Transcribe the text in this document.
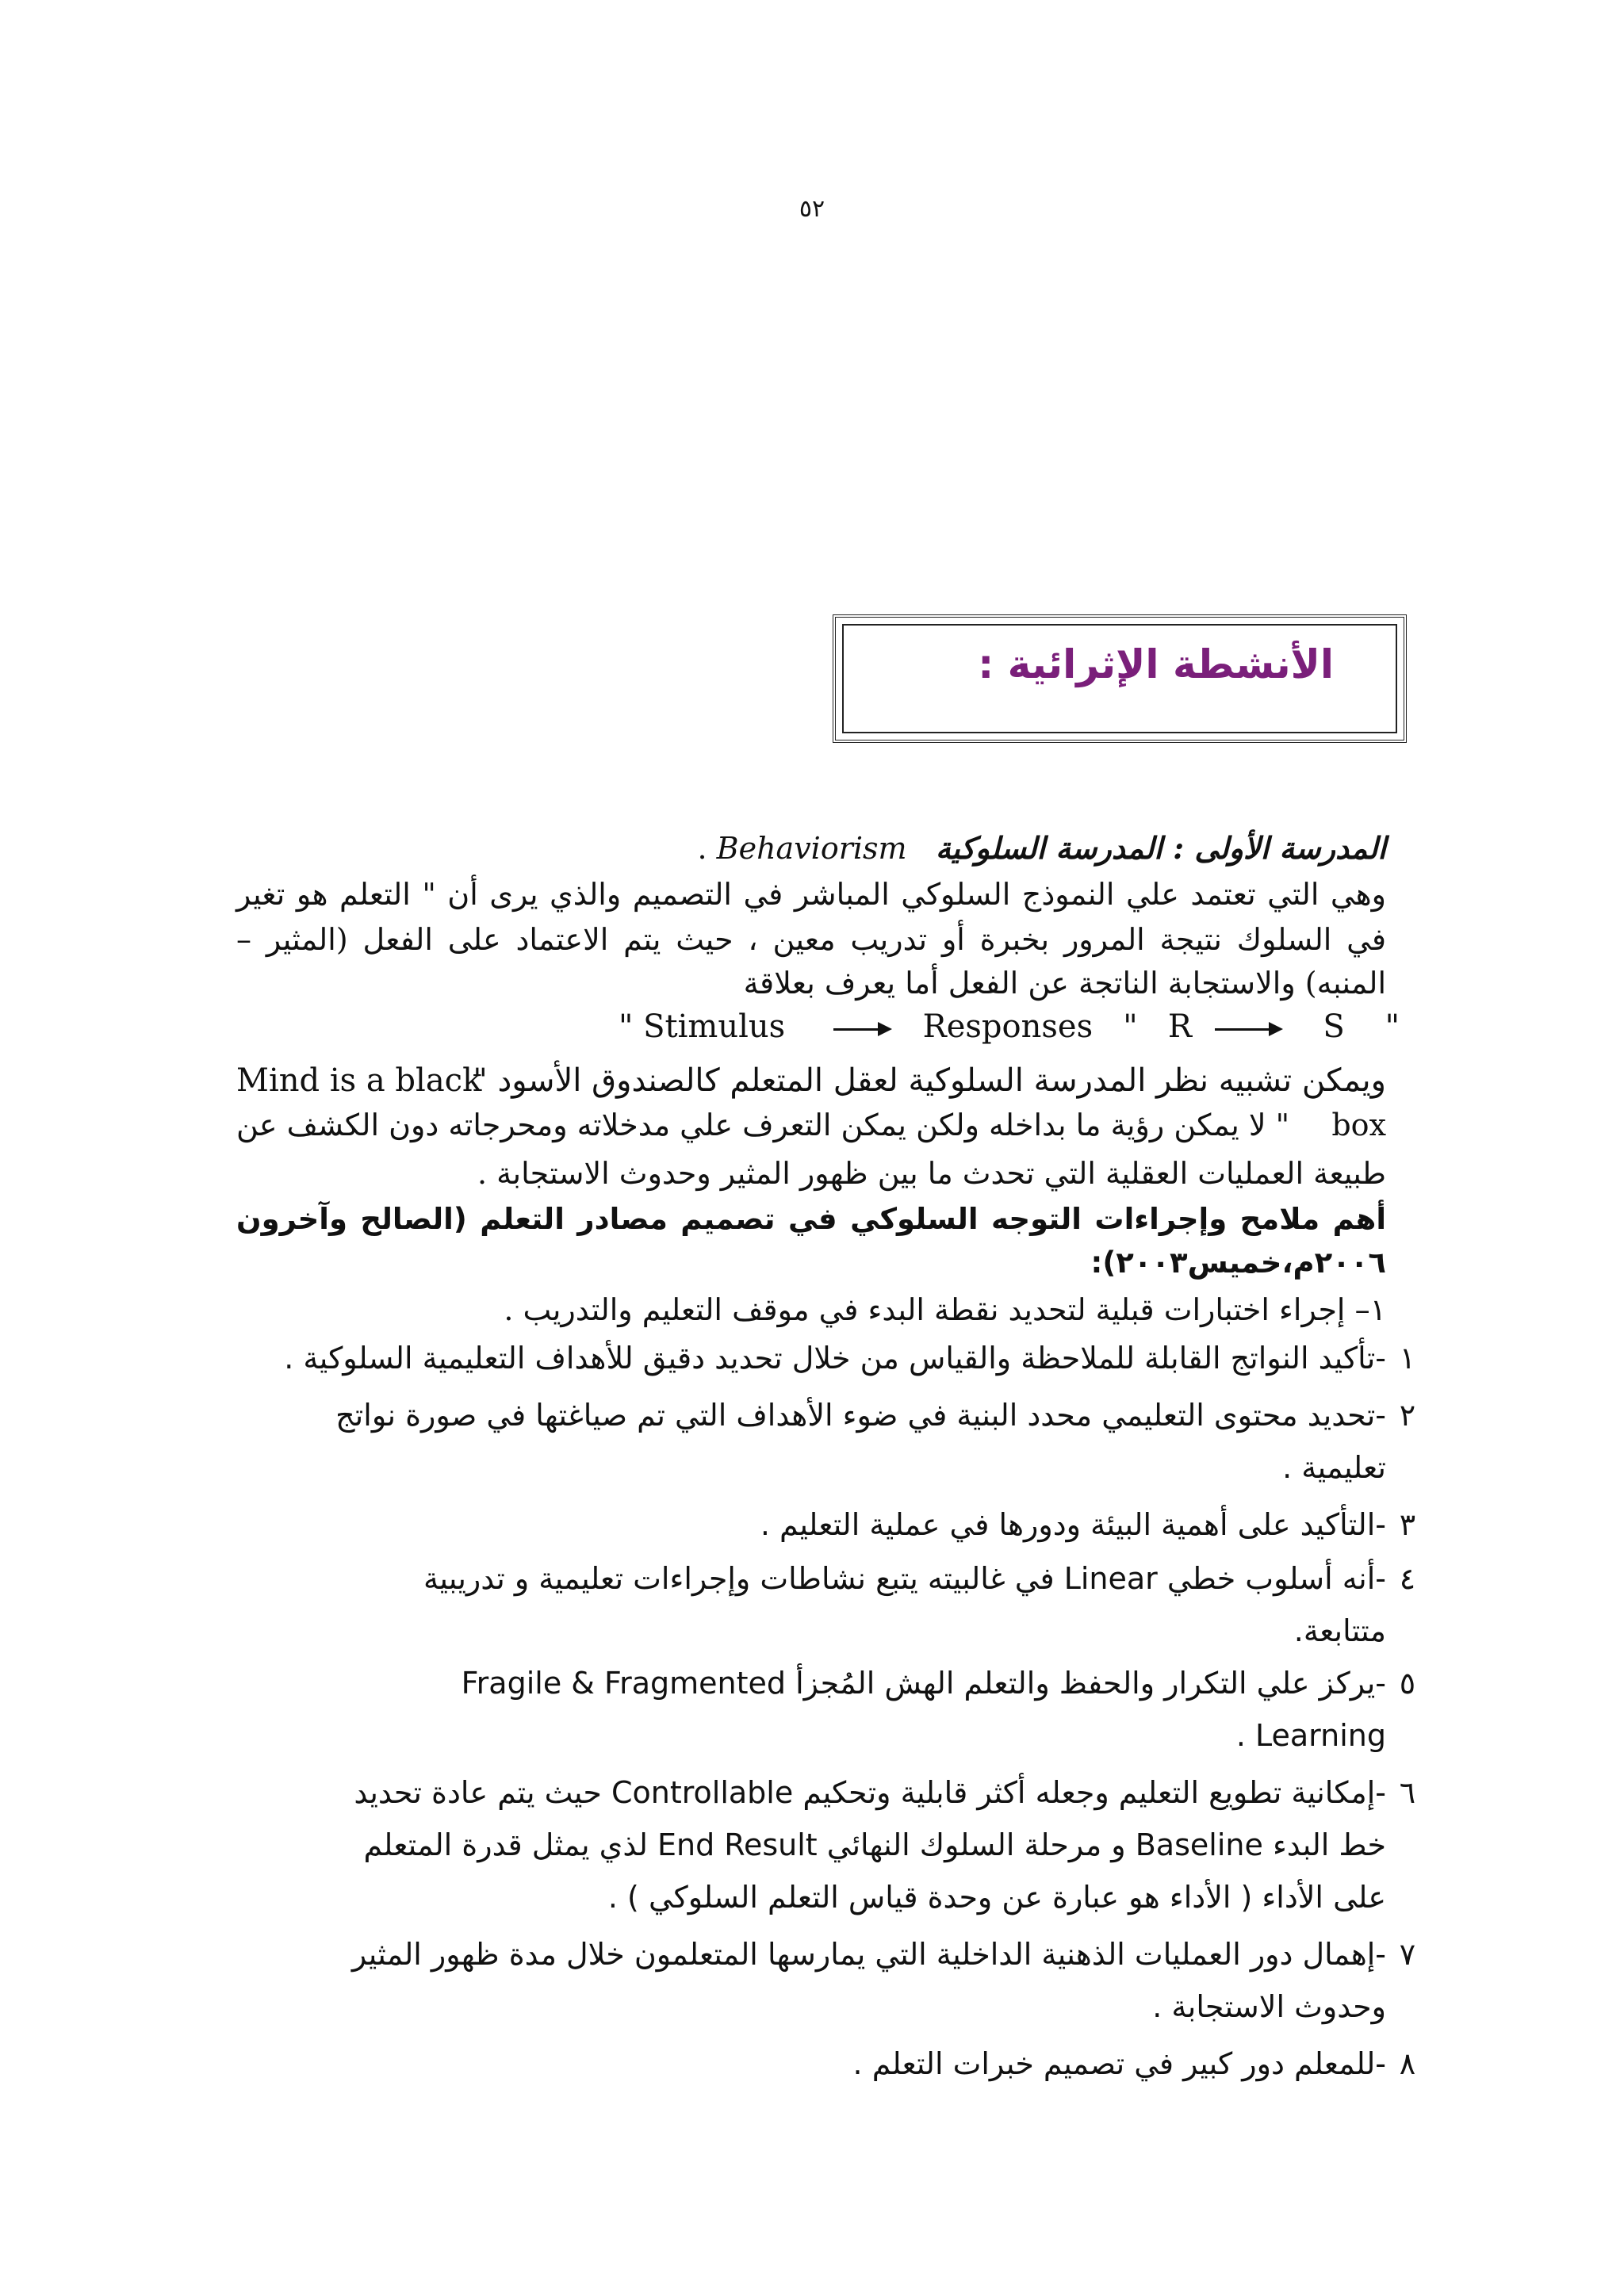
٥٢
الأنشطة الإثرائية :
المدرسة الأولى : المدرسة السلوكية   Behaviorism .
وهي التي تعتمد علي النموذج السلوكي المباشر في التصميم والذي يرى أن " التعلم هو تغير
في السلوك نتيجة المرور بخبرة أو تدريب معين ، حيث يتم الاعتماد على الفعل (المثير –
المنبه) والاستجابة الناتجة عن الفعل أما يعرف بعلاقة
" Stimulus	Responses " R	S "
Mind is a black
ويمكن تشبيه نظر المدرسة السلوكية لعقل المتعلم كالصندوق الأسود "
" لا يمكن رؤية ما بداخله ولكن يمكن التعرف علي مدخلاته ومحرجاته دون الكشف عن box
طبيعة العمليات العقلية التي تحدث ما بين ظهور المثير وحدوث الاستجابة .
أهم ملامح وإجراءات التوجه السلوكي في تصميم مصادر التعلم (الصالح وآخرون
٢٠٠٦م،خميس٢٠٠٣):
١– إجراء اختبارات قبلية لتحديد نقطة البدء في موقف التعليم والتدريب .
١
-تأكيد النواتج القابلة للملاحظة والقياس من خلال تحديد دقيق للأهداف التعليمية السلوكية .
٢
-تحديد محتوى التعليمي محدد البنية في ضوء الأهداف التي تم صياغتها في صورة نواتج
تعليمية .
٣
-التأكيد على أهمية البيئة ودورها في عملية التعليم .
٤
-أنه أسلوب خطي Linear في غالبيته يتبع نشاطات وإجراءات تعليمية و تدريبية
متتابعة.
٥
-يركز علي التكرار والحفظ والتعلم الهش المُجزأ Fragile & Fragmented
Learning .
٦
-إمكانية تطويع التعليم وجعله أكثر قابلية وتحكيم Controllable حيث يتم عادة تحديد
خط البدء Baseline و مرحلة السلوك النهائي End Result لذي يمثل قدرة المتعلم
على الأداء ( الأداء هو عبارة عن وحدة قياس التعلم السلوكي ) .
٧
-إهمال دور العمليات الذهنية الداخلية التي يمارسها المتعلمون خلال مدة ظهور المثير
وحدوث الاستجابة .
٨
-للمعلم دور كبير في تصميم خبرات التعلم .
